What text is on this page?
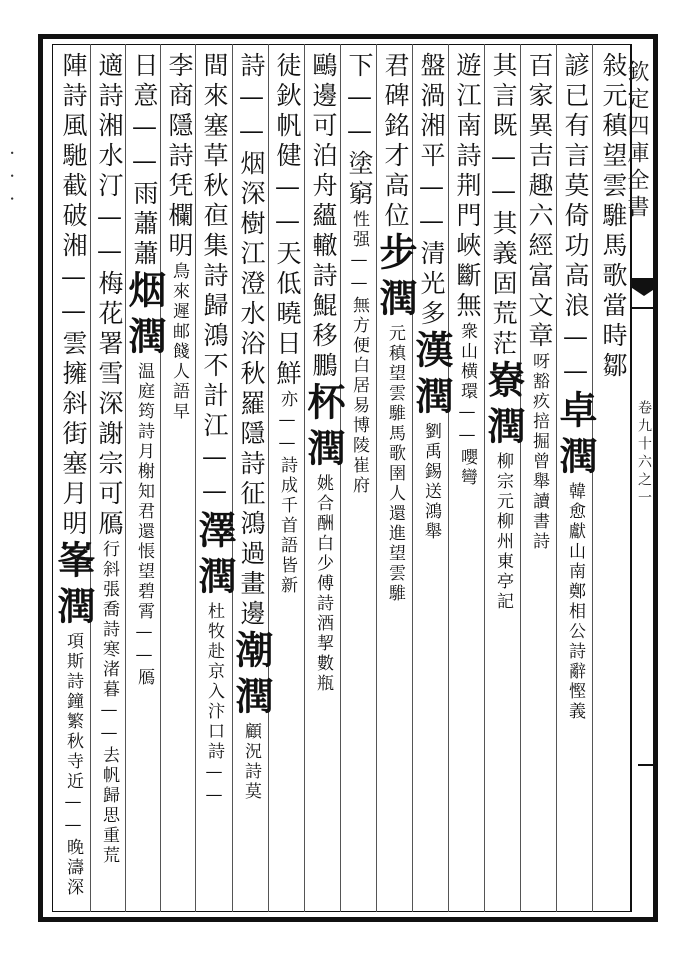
欽定四庫全書
卷九十六之一
敍元稹望雲騅馬歌當時鄒
諺已有言莫倚功高浪——卓潤韓愈獻山南鄭相公詩辭慳義
百家異吉趣六經富文章呀豁疚掊掘曾舉讀書詩
其言既——其義固荒茫嶚潤柳宗元柳州東亭記
遊江南詩荆門峽斷無衆山横環——嚶彎
盤渦湘平——清光多漢潤劉禹錫送鴻舉
君碑銘才高位步潤元稹望雲騅馬歌圉人還進望雲騅
下——塗窮性强——無方便白居易博陵崔府
鷗邊可泊舟蘊轍詩鯤移鵬杯潤姚合酬白少傅詩酒挈數瓶
徒鈥帆健——天低曉日鮮亦——詩成千首語皆新
詩——烟深樹江澄水浴秋羅隱詩征鴻過畫邊潮潤顧況詩莫
間來塞草秋亱集詩歸鴻不計江——澤潤杜牧赴京入汴口詩——
李商隱詩凭欄明鳥來遲邮餞人語早
日意——雨蕭蕭烟潤温庭筠詩月榭知君還悵望碧霄——鴈
適詩湘水汀——梅花署雪深謝宗可鴈行斜張喬詩寒渚暮——去帆歸思重荒
陣詩風馳截破湘——雲擁斜街塞月明峯潤項斯詩鐘繁秋寺近——晚濤深
·   ·   ·
